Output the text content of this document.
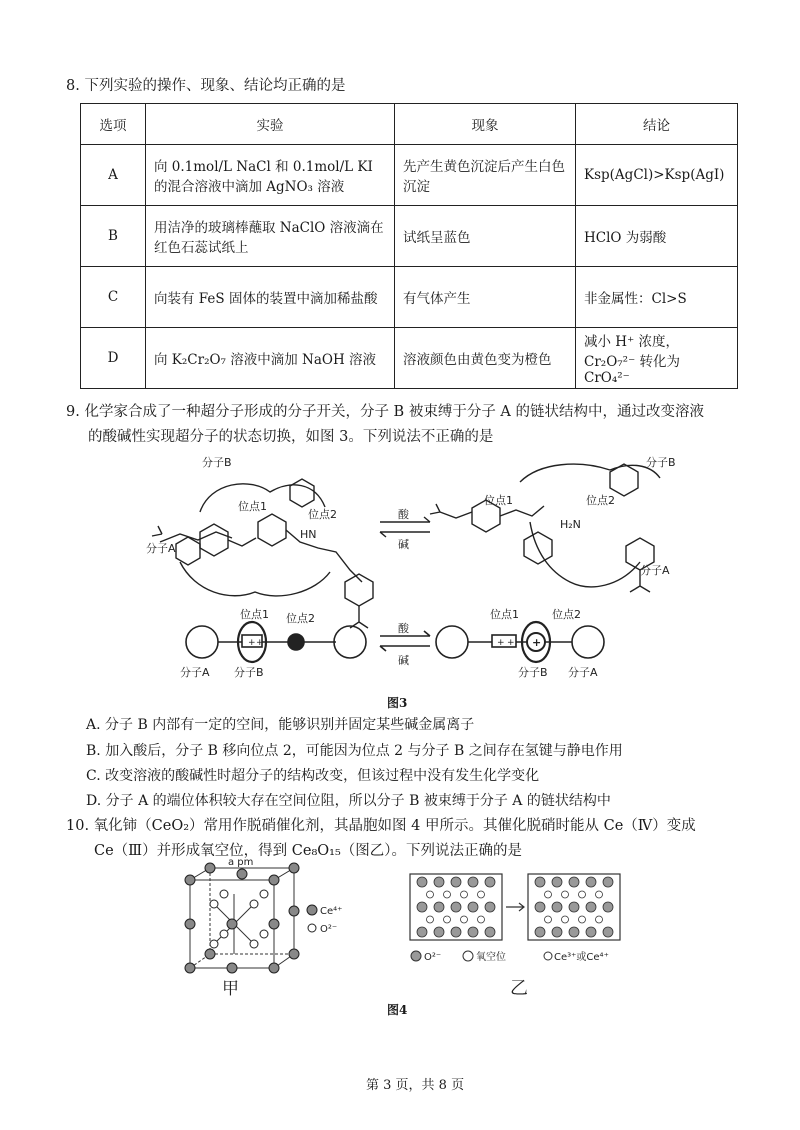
8. 下列实验的操作、现象、结论均正确的是
选项	实验	现象	结论
A	向 0.1mol/L NaCl 和 0.1mol/L KI 的混合溶液中滴加 AgNO₃ 溶液	先产生黄色沉淀后产生白色沉淀	Ksp(AgCl)>Ksp(AgI)
B	用洁净的玻璃棒蘸取 NaClO 溶液滴在红色石蕊试纸上	试纸呈蓝色	HClO 为弱酸
C	向装有 FeS 固体的装置中滴加稀盐酸	有气体产生	非金属性：Cl>S
D	向 K₂Cr₂O₇ 溶液中滴加 NaOH 溶液	溶液颜色由黄色变为橙色	减小 H⁺ 浓度，Cr₂O₇²⁻ 转化为 CrO₄²⁻
9. 化学家合成了一种超分子形成的分子开关，分子 B 被束缚于分子 A 的链状结构中，通过改变溶液
的酸碱性实现超分子的状态切换，如图 3。下列说法不正确的是
分子B
位点1
位点2
分子A
HN
酸
碱
位点1	位点2
分子B
分子A
H₂N
+ +	+ + +
位点1 位点2
分子A 分子B
酸
碱
位点1	位点2
分子B 分子A
图3
A. 分子 B 内部有一定的空间，能够识别并固定某些碱金属离子
B. 加入酸后，分子 B 移向位点 2，可能因为位点 2 与分子 B 之间存在氢键与静电作用
C. 改变溶液的酸碱性时超分子的结构改变，但该过程中没有发生化学变化
D. 分子 A 的端位体积较大存在空间位阻，所以分子 B 被束缚于分子 A 的链状结构中
10. 氧化铈（CeO₂）常用作脱硝催化剂，其晶胞如图 4 甲所示。其催化脱硝时能从 Ce（Ⅳ）变成
Ce（Ⅲ）并形成氧空位，得到 Ce₈O₁₅（图乙）。下列说法正确的是
a pm
Ce⁴⁺
O²⁻
甲
O²⁻	氧空位	Ce³⁺或Ce⁴⁺
乙
图4
第 3 页，共 8 页
